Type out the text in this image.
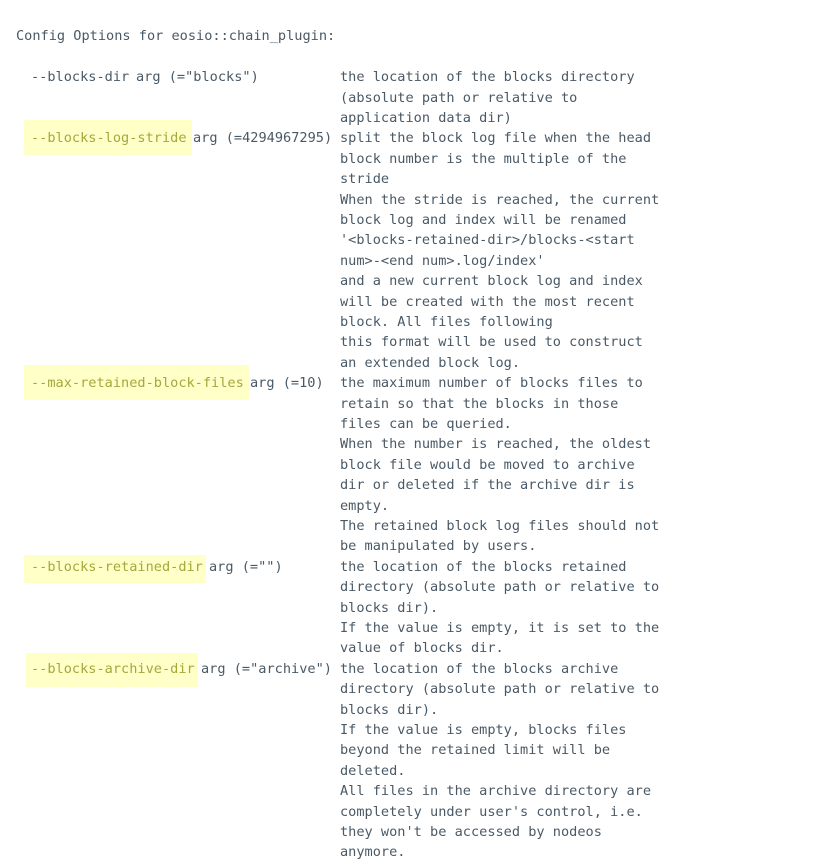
Config Options for eosio::chain_plugin:
--blocks-dir arg (="blocks")	the location of the blocks directory
(absolute path or relative to
application data dir)
--blocks-log-stride arg (=4294967295) split the block log file when the head
block number is the multiple of the
stride
When the stride is reached, the current
block log and index will be renamed
'<blocks-retained-dir>/blocks-<start
num>-<end num>.log/index'
and a new current block log and index
will be created with the most recent
block. All files following
this format will be used to construct
an extended block log.
--max-retained-block-files arg (=10) the maximum number of blocks files to
retain so that the blocks in those
files can be queried.
When the number is reached, the oldest
block file would be moved to archive
dir or deleted if the archive dir is
empty.
The retained block log files should not
be manipulated by users.
--blocks-retained-dir arg (="")	the location of the blocks retained
directory (absolute path or relative to
blocks dir).
If the value is empty, it is set to the
value of blocks dir.
--blocks-archive-dir arg (="archive") the location of the blocks archive
directory (absolute path or relative to
blocks dir).
If the value is empty, blocks files
beyond the retained limit will be
deleted.
All files in the archive directory are
completely under user's control, i.e.
they won't be accessed by nodeos
anymore.
